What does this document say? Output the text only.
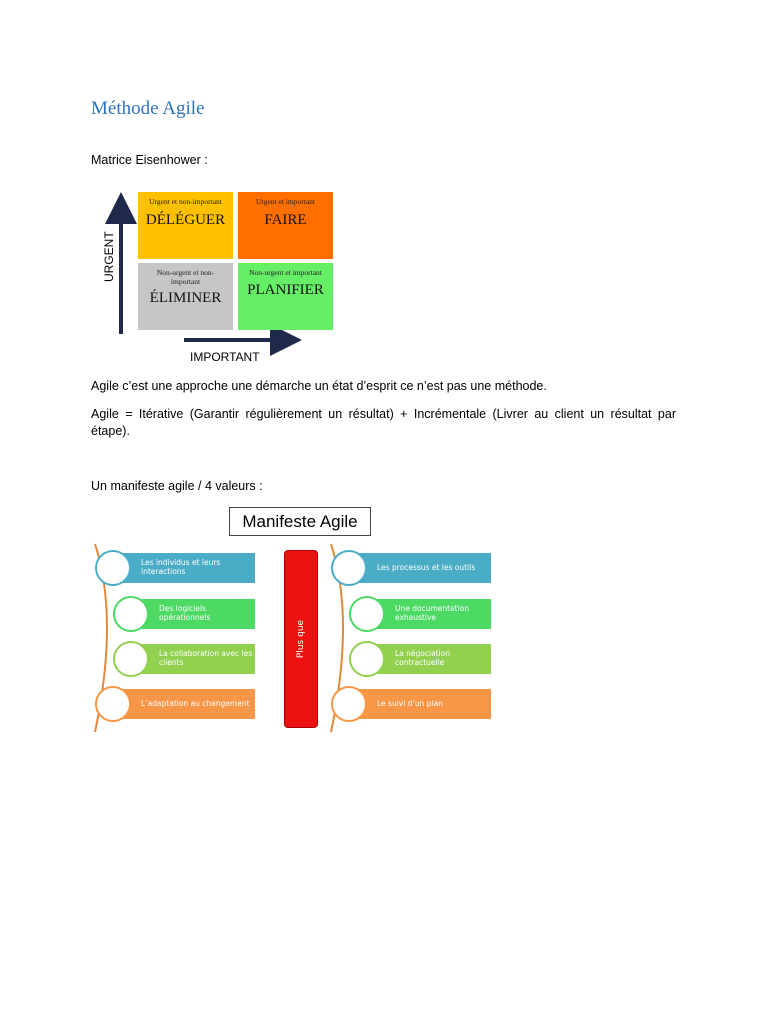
Méthode Agile
Matrice Eisenhower :
URGENT
IMPORTANT
Urgent et non-important
DÉLÉGUER
Urgent et important
FAIRE
Non-urgent et non-important
ÉLIMINER
Non-urgent et important
PLANIFIER
Agile c’est une approche une démarche un état d’esprit ce n’est pas une méthode.
Agile = Itérative (Garantir régulièrement un résultat) + Incrémentale (Livrer au client un résultat par étape).
Un manifeste agile / 4 valeurs :
Manifeste Agile
Plus que
Les individus et leurs interactions
Des logiciels opérationnels
La collaboration avec les clients
L’adaptation au changement
Les processus et les outils
Une documentation exhaustive
La négociation contractuelle
Le suivi d’un plan
